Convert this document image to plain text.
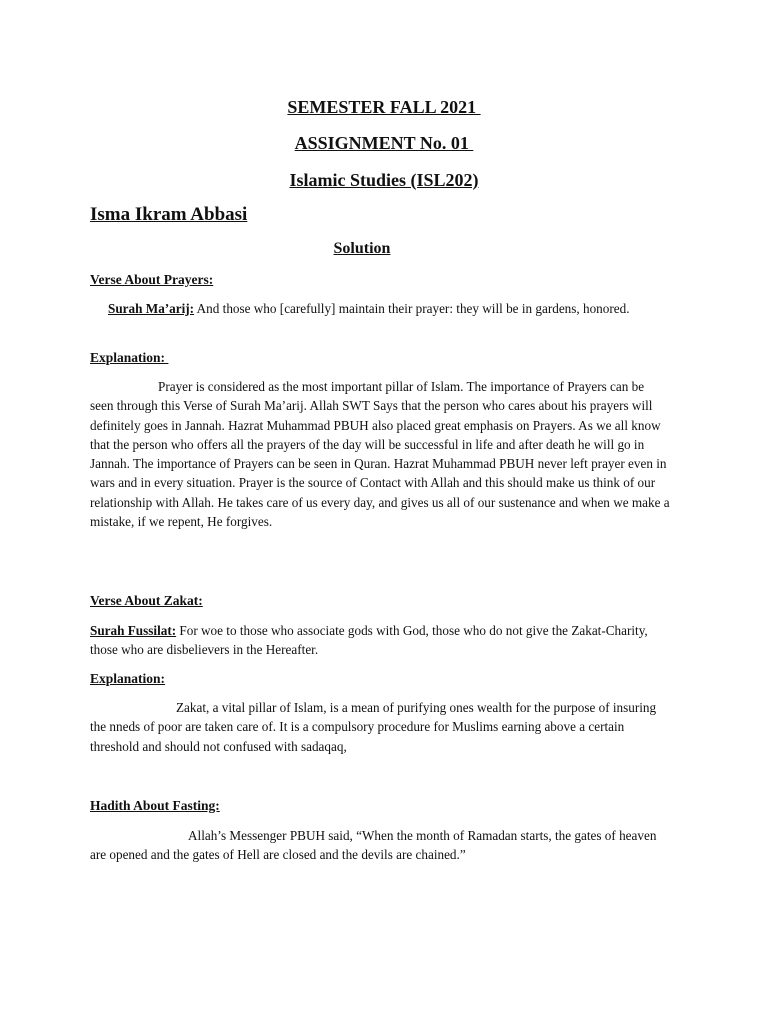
SEMESTER FALL 2021
ASSIGNMENT No. 01
Islamic Studies (ISL202)
Isma Ikram Abbasi
Solution
Verse About Prayers:

Surah Ma’arij: And those who [carefully] maintain their prayer: they will be in gardens, honored.

Explanation:

Prayer is considered as the most important pillar of Islam. The importance of Prayers can be seen through this Verse of Surah Ma’arij. Allah SWT Says that the person who cares about his prayers will definitely goes in Jannah. Hazrat Muhammad PBUH also placed great emphasis on Prayers. As we all know that the person who offers all the prayers of the day will be successful in life and after death he will go in Jannah. The importance of Prayers can be seen in Quran. Hazrat Muhammad PBUH never left prayer even in wars and in every situation. Prayer is the source of Contact with Allah and this should make us think of our relationship with Allah. He takes care of us every day, and gives us all of our sustenance and when we make a mistake, if we repent, He forgives.

Verse About Zakat:

Surah Fussilat: For woe to those who associate gods with God, those who do not give the Zakat-Charity, those who are disbelievers in the Hereafter.

Explanation:

Zakat, a vital pillar of Islam, is a mean of purifying ones wealth for the purpose of insuring the nneds of poor are taken care of. It is a compulsory procedure for Muslims earning above a certain threshold and should not confused with sadaqaq,

Hadith About Fasting:

Allah’s Messenger PBUH said, “When the month of Ramadan starts, the gates of heaven are opened and the gates of Hell are closed and the devils are chained.”
